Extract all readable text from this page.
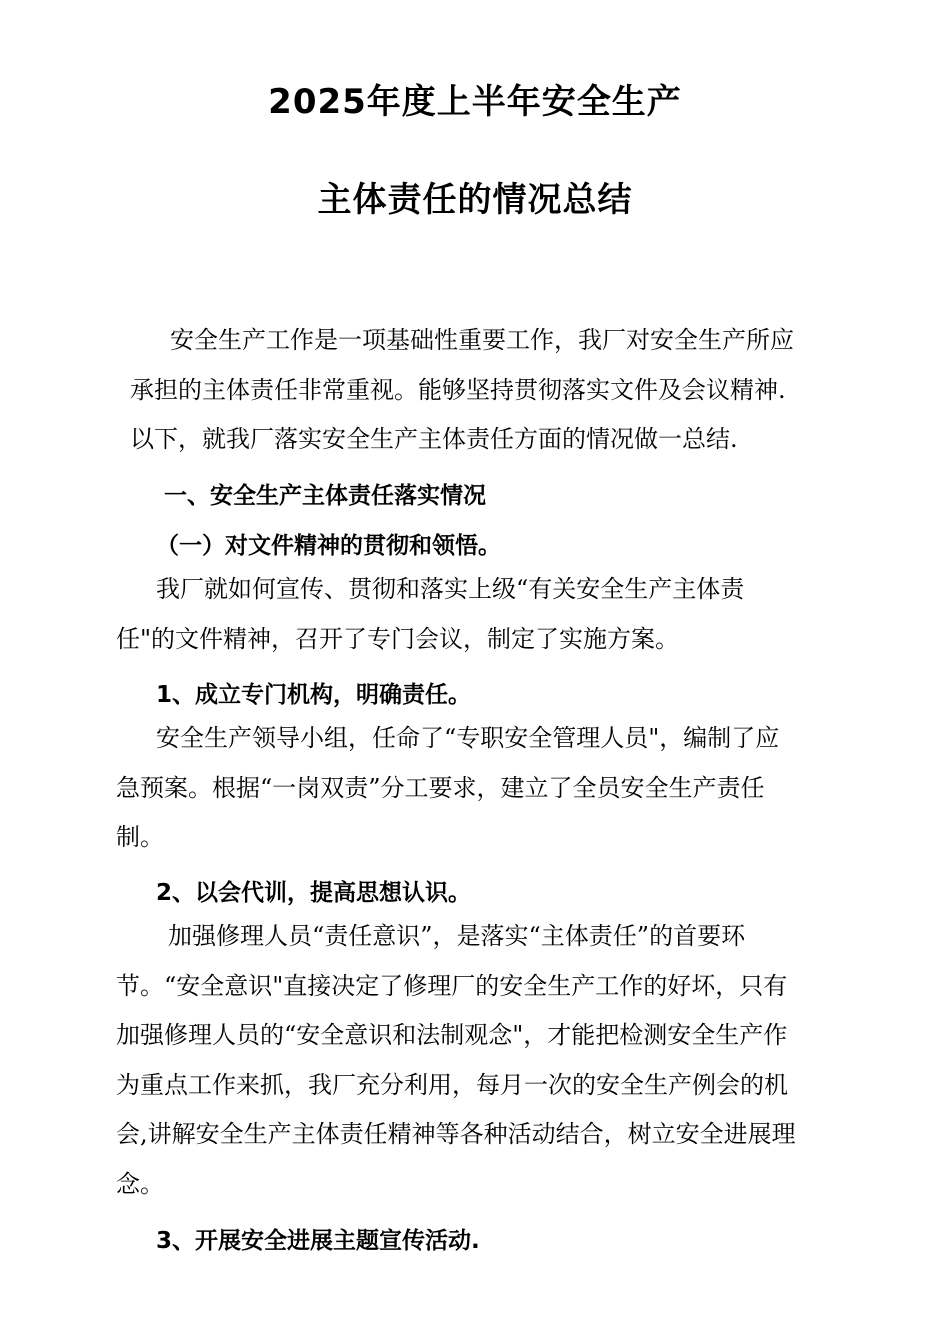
2025年度上半年安全生产
主体责任的情况总结
安全生产工作是一项基础性重要工作，我厂对安全生产所应
承担的主体责任非常重视。能够坚持贯彻落实文件及会议精神.
以下，就我厂落实安全生产主体责任方面的情况做一总结.
一、安全生产主体责任落实情况
（一）对文件精神的贯彻和领悟。
我厂就如何宣传、贯彻和落实上级“有关安全生产主体责
任"的文件精神，召开了专门会议，制定了实施方案。
1、成立专门机构，明确责任。
安全生产领导小组，任命了“专职安全管理人员"，编制了应
急预案。根据“一岗双责”分工要求，建立了全员安全生产责任
制。
2、以会代训，提高思想认识。
加强修理人员“责任意识”，是落实“主体责任”的首要环
节。“安全意识"直接决定了修理厂的安全生产工作的好坏，只有
加强修理人员的“安全意识和法制观念"，才能把检测安全生产作
为重点工作来抓，我厂充分利用，每月一次的安全生产例会的机
会,讲解安全生产主体责任精神等各种活动结合，树立安全进展理
念。
3、开展安全进展主题宣传活动.
